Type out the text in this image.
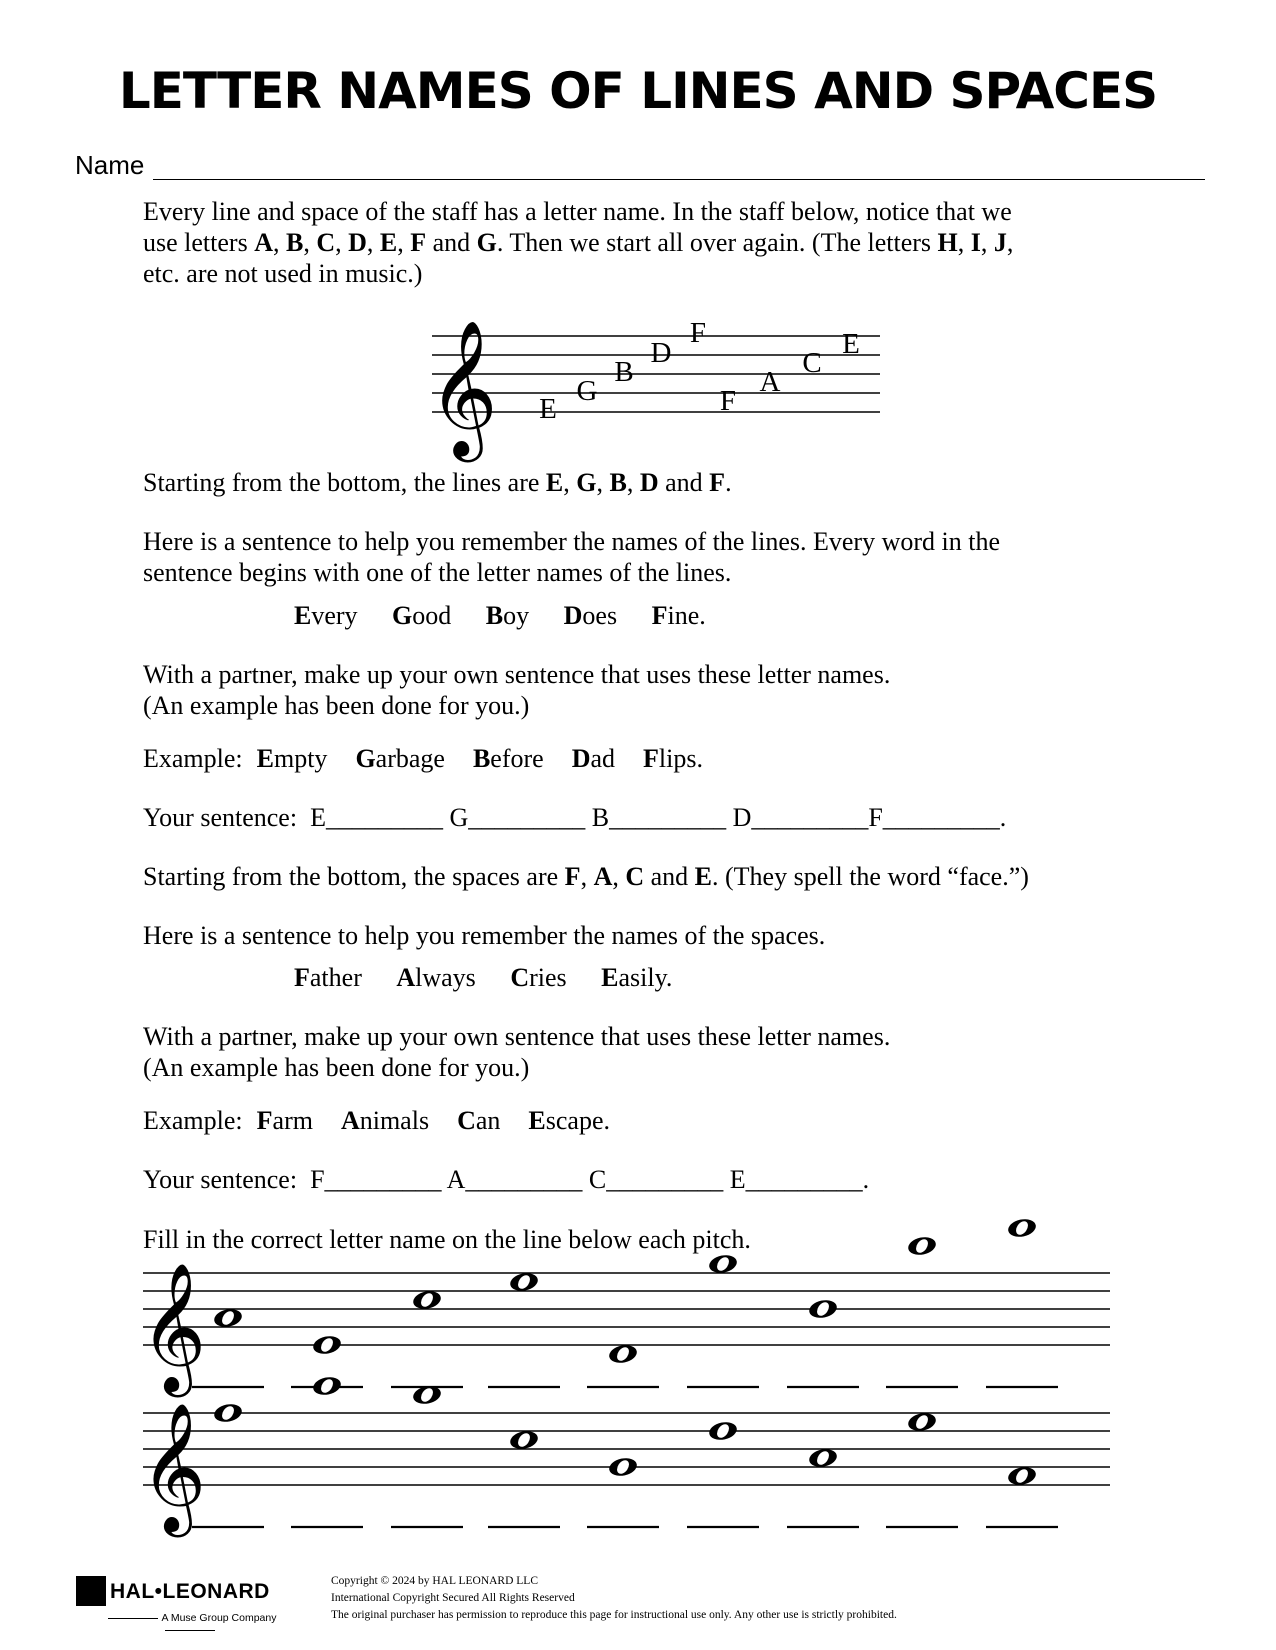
LETTER NAMES OF LINES AND SPACES
Name
Every line and space of the staff has a letter name. In the staff below, notice that we
use letters A, B, C, D, E, F and G. Then we start all over again. (The letters H, I, J,
etc. are not used in music.)
𝄞 E
G
B
D
F
F
A
C
E
Starting from the bottom, the lines are E, G, B, D and F.
Here is a sentence to help you remember the names of the lines. Every word in the
sentence begins with one of the letter names of the lines.
Every Good Boy Does Fine.
With a partner, make up your own sentence that uses these letter names.
(An example has been done for you.)
Example: Empty Garbage Before Dad Flips.
Your sentence: E_________ G_________ B_________ D_________F_________.
Starting from the bottom, the spaces are F, A, C and E. (They spell the word “face.”)
Here is a sentence to help you remember the names of the spaces.
Father Always Cries Easily.
With a partner, make up your own sentence that uses these letter names.
(An example has been done for you.)
Example: Farm Animals Can Escape.
Your sentence: F_________ A_________ C_________ E_________.
Fill in the correct letter name on the line below each pitch.
𝄞
𝄞
HAL•LEONARD
A Muse Group Company
Copyright © 2024 by HAL LEONARD LLC
International Copyright Secured All Rights Reserved
The original purchaser has permission to reproduce this page for instructional use only. Any other use is strictly prohibited.
